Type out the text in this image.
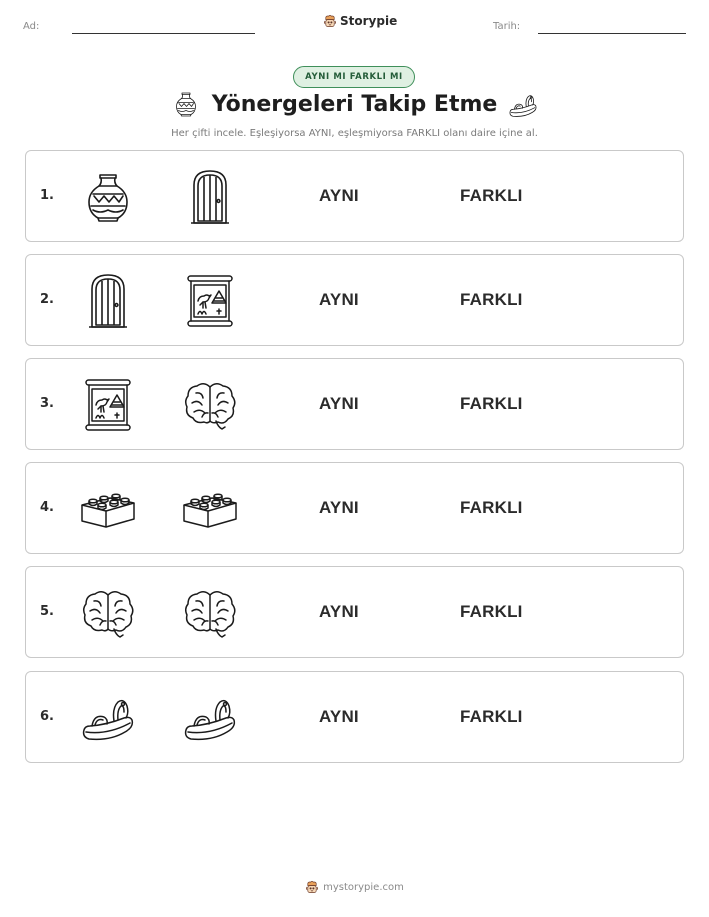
Ad:	Storypie	Tarih:
AYNI MI FARKLI MI
Yönergeleri Takip Etme
Her çifti incele. Eşleşiyorsa AYNI, eşleşmiyorsa FARKLI olanı daire içine al.
1.	AYNI	FARKLI
2.	AYNI	FARKLI
3.	AYNI	FARKLI
4.	AYNI	FARKLI
5.	AYNI	FARKLI
6.	AYNI	FARKLI
mystorypie.com
